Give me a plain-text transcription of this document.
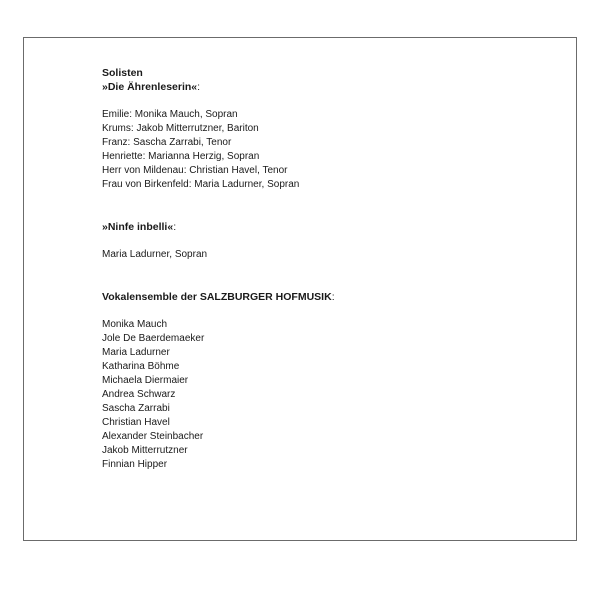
Solisten

»Die Ährenleserin«:

Emilie: Monika Mauch, Sopran

Krums: Jakob Mitterrutzner, Bariton

Franz: Sascha Zarrabi, Tenor

Henriette: Marianna Herzig, Sopran

Herr von Mildenau: Christian Havel, Tenor

Frau von Birkenfeld: Maria Ladurner, Sopran

»Ninfe inbelli«:

Maria Ladurner, Sopran

Vokalensemble der SALZBURGER HOFMUSIK:

Monika Mauch

Jole De Baerdemaeker

Maria Ladurner

Katharina Böhme

Michaela Diermaier

Andrea Schwarz

Sascha Zarrabi

Christian Havel

Alexander Steinbacher

Jakob Mitterrutzner

Finnian Hipper
